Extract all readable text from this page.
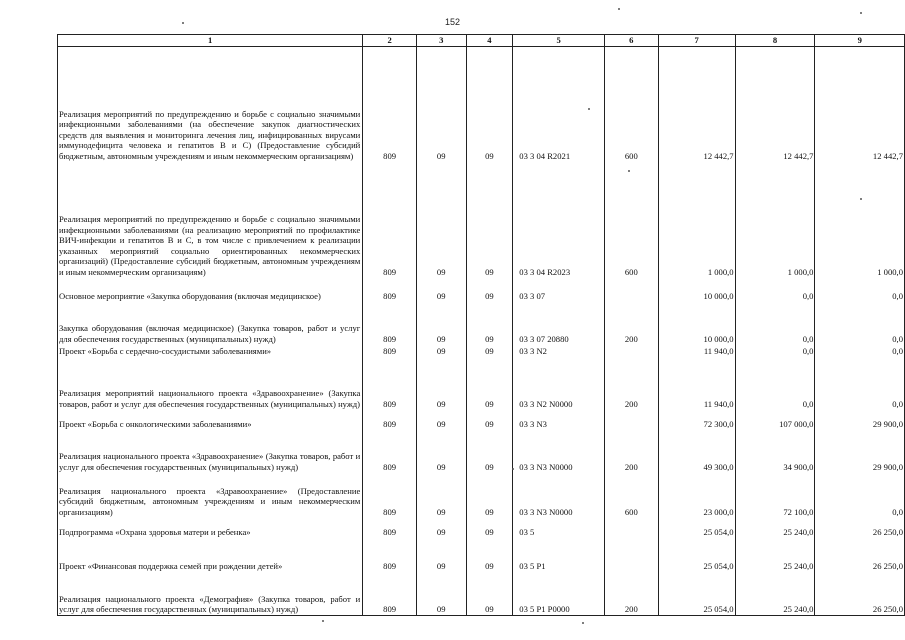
152
1	2	3	4	5	6	7	8	9
Реализация мероприятий по предупреждению и борьбе с социально значимыми инфекционными заболеваниями (на обеспечение закупок диагностических средств для выявления и мониторинга лечения лиц, инфицированных вирусами иммунодефицита человека и гепатитов В и С) (Предоставление субсидий бюджетным, автономным учреждениям и иным некоммерческим организациям)	809	09	09	03 3 04 R2021	600	12 442,7	12 442,7	12 442,7
Реализация мероприятий по предупреждению и борьбе с социально значимыми инфекционными заболеваниями (на реализацию мероприятий по профилактике ВИЧ-инфекции и гепатитов В и С, в том числе с привлечением к реализации указанных мероприятий социально ориентированных некоммерческих организаций) (Предоставление субсидий бюджетным, автономным учреждениям и иным некоммерческим организациям)	809	09	09	03 3 04 R2023	600	1 000,0	1 000,0	1 000,0
Основное мероприятие «Закупка оборудования (включая медицинское)	809	09	09	03 3 07		10 000,0	0,0	0,0
Закупка оборудования (включая медицинское) (Закупка товаров, работ и услуг для обеспечения государственных (муниципальных) нужд)	809	09	09	03 3 07 20880	200	10 000,0	0,0	0,0
Проект «Борьба с сердечно-сосудистыми заболеваниями»	809	09	09	03 3 N2		11 940,0	0,0	0,0
Реализация мероприятий национального проекта «Здравоохранение» (Закупка товаров, работ и услуг для обеспечения государственных (муниципальных) нужд)	809	09	09	03 3 N2 N0000	200	11 940,0	0,0	0,0
Проект «Борьба с онкологическими заболеваниями»	809	09	09	03 3 N3		72 300,0	107 000,0	29 900,0
Реализация национального проекта «Здравоохранение» (Закупка товаров, работ и услуг для обеспечения государственных (муниципальных) нужд)	809	09	09	03 3 N3 N0000	200	49 300,0	34 900,0	29 900,0
Реализация национального проекта «Здравоохранение» (Предоставление субсидий бюджетным, автономным учреждениям и иным некоммерческим организациям)	809	09	09	03 3 N3 N0000	600	23 000,0	72 100,0	0,0
Подпрограмма «Охрана здоровья матери и ребенка»	809	09	09	03 5		25 054,0	25 240,0	26 250,0
Проект «Финансовая поддержка семей при рождении детей»	809	09	09	03 5 P1		25 054,0	25 240,0	26 250,0
Реализация национального проекта «Демография» (Закупка товаров, работ и услуг для обеспечения государственных (муниципальных) нужд)	809	09	09	03 5 P1 P0000	200	25 054,0	25 240,0	26 250,0
